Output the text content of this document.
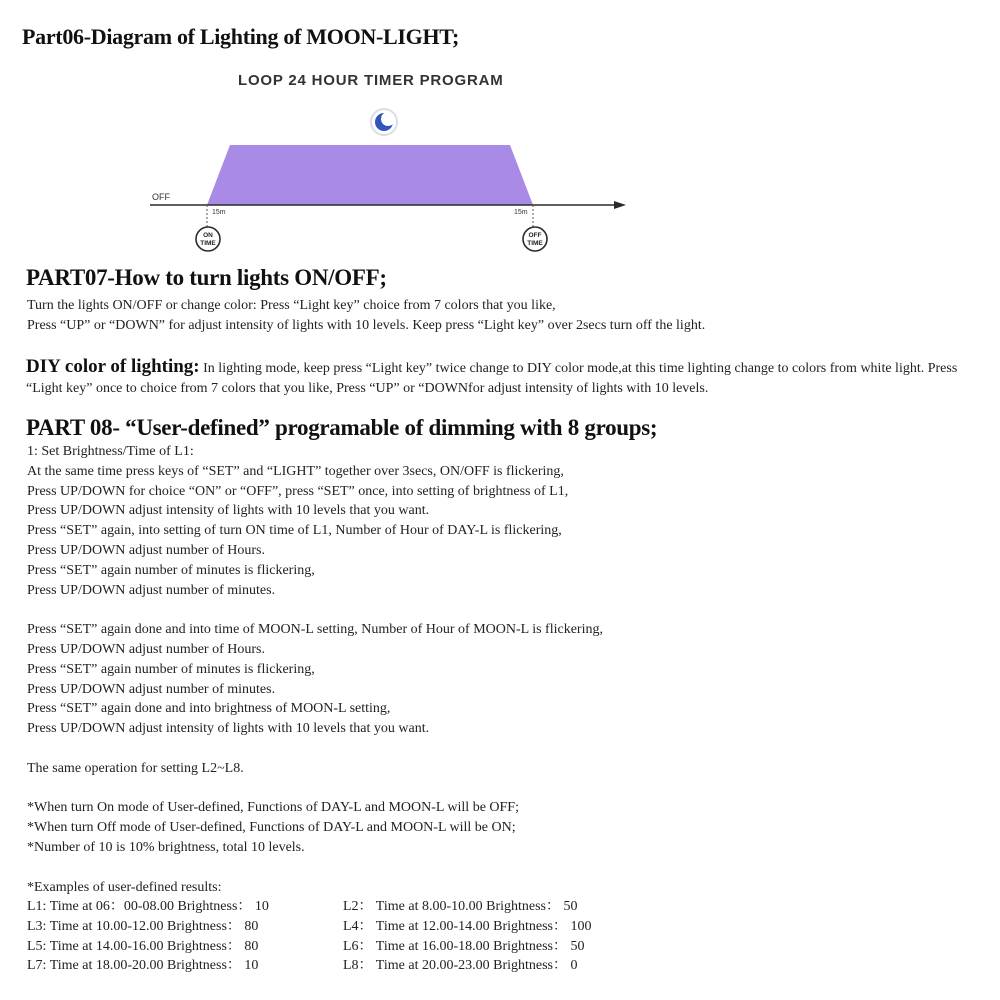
Part06-Diagram of Lighting of MOON-LIGHT;
LOOP 24 HOUR TIMER PROGRAM
OFF
15m	15m
ON
TIME
OFF
TIME
PART07-How to turn lights ON/OFF;
Turn the lights ON/OFF or change color: Press “Light key” choice from 7 colors that you like,
Press “UP” or “DOWN” for adjust intensity of lights with 10 levels. Keep press “Light key” over 2secs turn off the light.
DIY color of lighting: In lighting mode, keep press “Light key” twice change to DIY color mode,at this time lighting change to colors from white light. Press “Light key” once to choice from 7 colors that you like, Press “UP” or “DOWNfor adjust intensity of lights with 10 levels.
PART 08- “User-defined” programable of dimming with 8 groups;
1: Set Brightness/Time of L1:
At the same time press keys of “SET” and “LIGHT” together over 3secs, ON/OFF is flickering,
Press UP/DOWN for choice “ON” or “OFF”, press “SET” once, into setting of brightness of L1,
Press UP/DOWN adjust intensity of lights with 10 levels that you want.
Press “SET” again, into setting of turn ON time of L1, Number of Hour of DAY-L is flickering,
Press UP/DOWN adjust number of Hours.
Press “SET” again number of minutes is flickering,
Press UP/DOWN adjust number of minutes.

Press “SET” again done and into time of MOON-L setting, Number of Hour of MOON-L is flickering,
Press UP/DOWN adjust number of Hours.
Press “SET” again number of minutes is flickering,
Press UP/DOWN adjust number of minutes.
Press “SET” again done and into brightness of MOON-L setting,
Press UP/DOWN adjust intensity of lights with 10 levels that you want.

The same operation for setting L2~L8.

*When turn On mode of User-defined, Functions of DAY-L and MOON-L will be OFF;
*When turn Off mode of User-defined, Functions of DAY-L and MOON-L will be ON;
*Number of 10 is 10% brightness, total 10 levels.

*Examples of user-defined results:
L1: Time at 06：00-08.00 Brightness： 10
L3: Time at 10.00-12.00 Brightness： 80
L5: Time at 14.00-16.00 Brightness： 80
L7: Time at 18.00-20.00 Brightness： 10
L2： Time at 8.00-10.00 Brightness： 50
L4： Time at 12.00-14.00 Brightness： 100
L6： Time at 16.00-18.00 Brightness： 50
L8： Time at 20.00-23.00 Brightness： 0
